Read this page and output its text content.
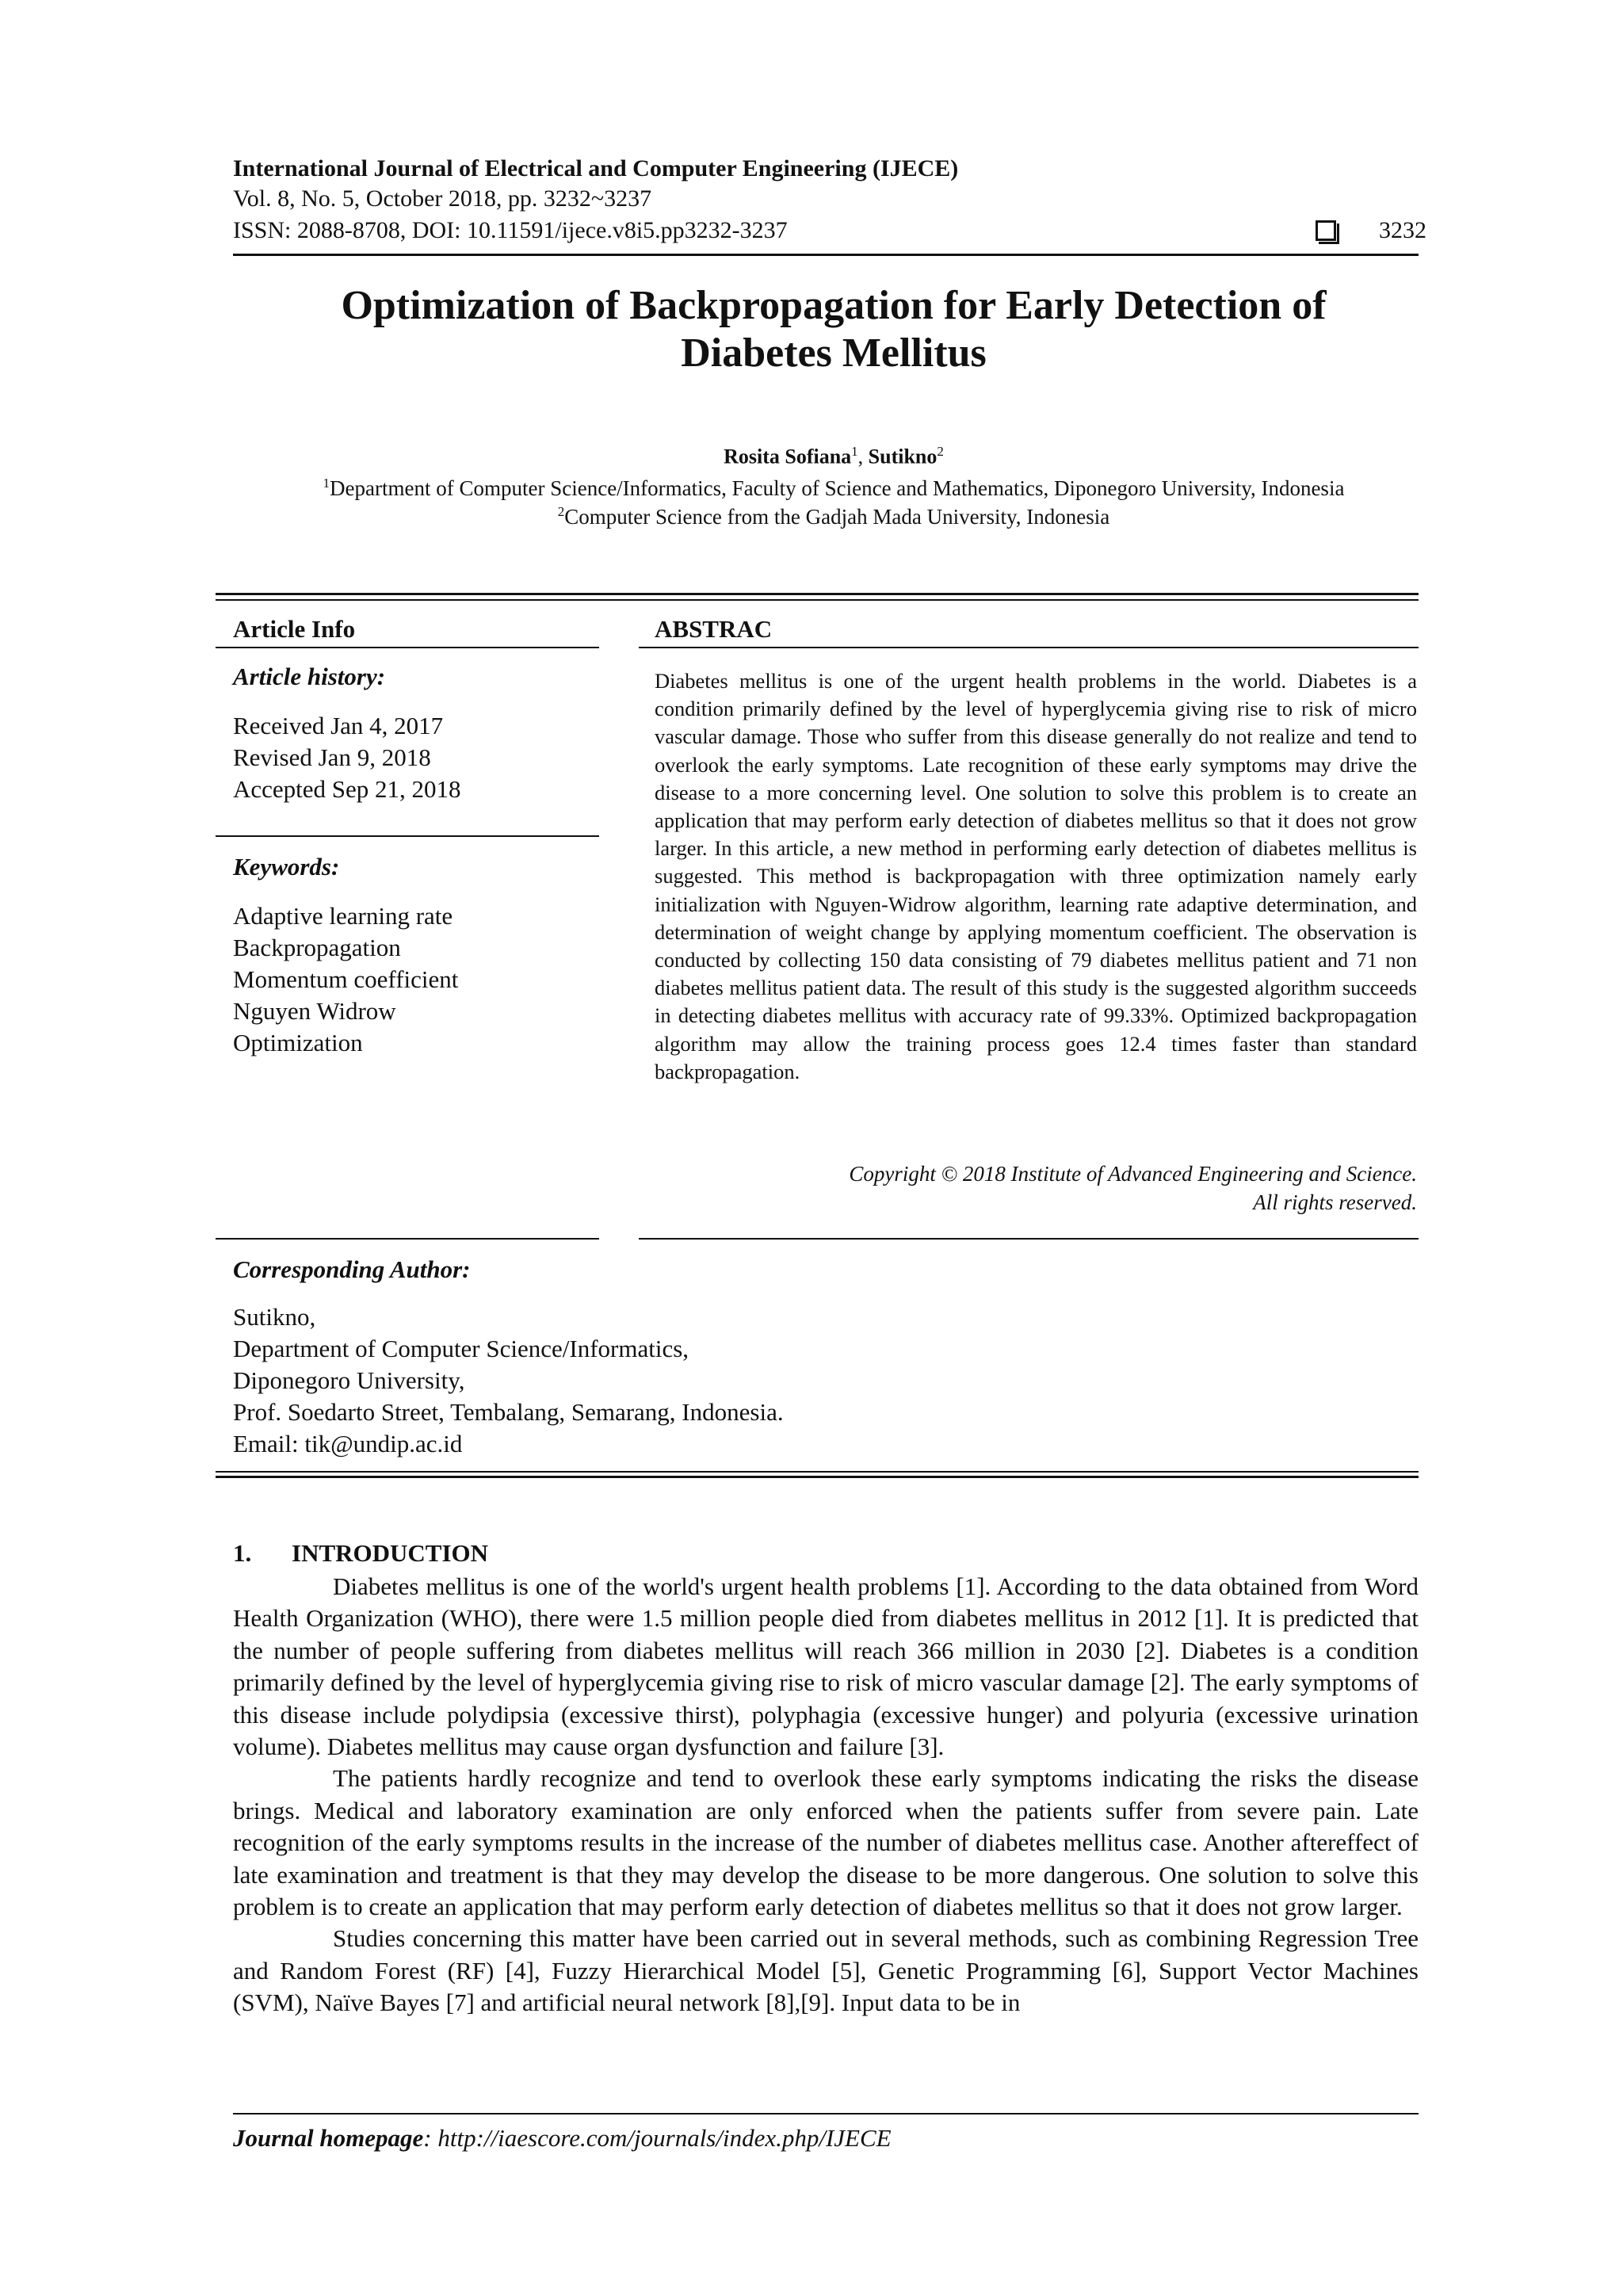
International Journal of Electrical and Computer Engineering (IJECE)
Vol. 8, No. 5, October 2018, pp. 3232~3237
ISSN: 2088-8708, DOI: 10.11591/ijece.v8i5.pp3232-3237	3232
Optimization of Backpropagation for Early Detection of
Diabetes Mellitus
Rosita Sofiana$^1$, Sutikno$^2$
$^1$Department of Computer Science/Informatics, Faculty of Science and Mathematics, Diponegoro University, Indonesia
$^2$Computer Science from the Gadjah Mada University, Indonesia
Article Info
Article history:
Received Jan 4, 2017
Revised Jan 9, 2018
Accepted Sep 21, 2018
Keywords:
Adaptive learning rate
Backpropagation
Momentum coefficient
Nguyen Widrow
Optimization
ABSTRAC
Diabetes mellitus is one of the urgent health problems in the world. Diabetes is a condition primarily defined by the level of hyperglycemia giving rise to risk of micro vascular damage. Those who suffer from this disease generally do not realize and tend to overlook the early symptoms. Late recognition of these early symptoms may drive the disease to a more concerning level. One solution to solve this problem is to create an application that may perform early detection of diabetes mellitus so that it does not grow larger. In this article, a new method in performing early detection of diabetes mellitus is suggested. This method is backpropagation with three optimization namely early initialization with Nguyen-Widrow algorithm, learning rate adaptive determination, and determination of weight change by applying momentum coefficient. The observation is conducted by collecting 150 data consisting of 79 diabetes mellitus patient and 71 non diabetes mellitus patient data. The result of this study is the suggested algorithm succeeds in detecting diabetes mellitus with accuracy rate of 99.33%. Optimized backpropagation algorithm may allow the training process goes 12.4 times faster than standard backpropagation.
Copyright © 2018 Institute of Advanced Engineering and Science.
All rights reserved.
Corresponding Author:
Sutikno,
Department of Computer Science/Informatics,
Diponegoro University,
Prof. Soedarto Street, Tembalang, Semarang, Indonesia.
Email: tik@undip.ac.id
1. INTRODUCTION

Diabetes mellitus is one of the world's urgent health problems [1]. According to the data obtained from Word Health Organization (WHO), there were 1.5 million people died from diabetes mellitus in 2012 [1]. It is predicted that the number of people suffering from diabetes mellitus will reach 366 million in 2030 [2]. Diabetes is a condition primarily defined by the level of hyperglycemia giving rise to risk of micro vascular damage [2]. The early symptoms of this disease include polydipsia (excessive thirst), polyphagia (excessive hunger) and polyuria (excessive urination volume). Diabetes mellitus may cause organ dysfunction and failure [3].

The patients hardly recognize and tend to overlook these early symptoms indicating the risks the disease brings. Medical and laboratory examination are only enforced when the patients suffer from severe pain. Late recognition of the early symptoms results in the increase of the number of diabetes mellitus case. Another aftereffect of late examination and treatment is that they may develop the disease to be more dangerous. One solution to solve this problem is to create an application that may perform early detection of diabetes mellitus so that it does not grow larger.

Studies concerning this matter have been carried out in several methods, such as combining Regression Tree and Random Forest (RF) [4], Fuzzy Hierarchical Model [5], Genetic Programming [6], Support Vector Machines (SVM), Naïve Bayes [7] and artificial neural network [8],[9]. Input data to be in

Journal homepage: http://iaescore.com/journals/index.php/IJECE
